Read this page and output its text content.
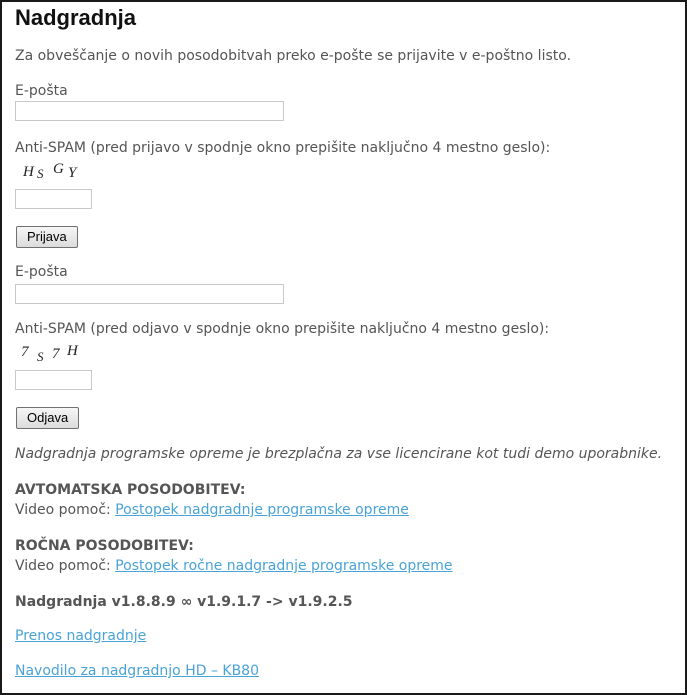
Nadgradnja
Za obveščanje o novih posodobitvah preko e-pošte se prijavite v e-poštno listo.
E-pošta
Anti-SPAM (pred prijavo v spodnje okno prepišite naključno 4 mestno geslo):
H S G Y
Prijava
E-pošta
Anti-SPAM (pred odjavo v spodnje okno prepišite naključno 4 mestno geslo):
7 S 7 H
Odjava
Nadgradnja programske opreme je brezplačna za vse licencirane kot tudi demo uporabnike.
AVTOMATSKA POSODOBITEV:
Video pomoč: Postopek nadgradnje programske opreme
ROČNA POSODOBITEV:
Video pomoč: Postopek ročne nadgradnje programske opreme
Nadgradnja v1.8.8.9 ∞ v1.9.1.7 -> v1.9.2.5
Prenos nadgradnje
Navodilo za nadgradnjo HD – KB80
